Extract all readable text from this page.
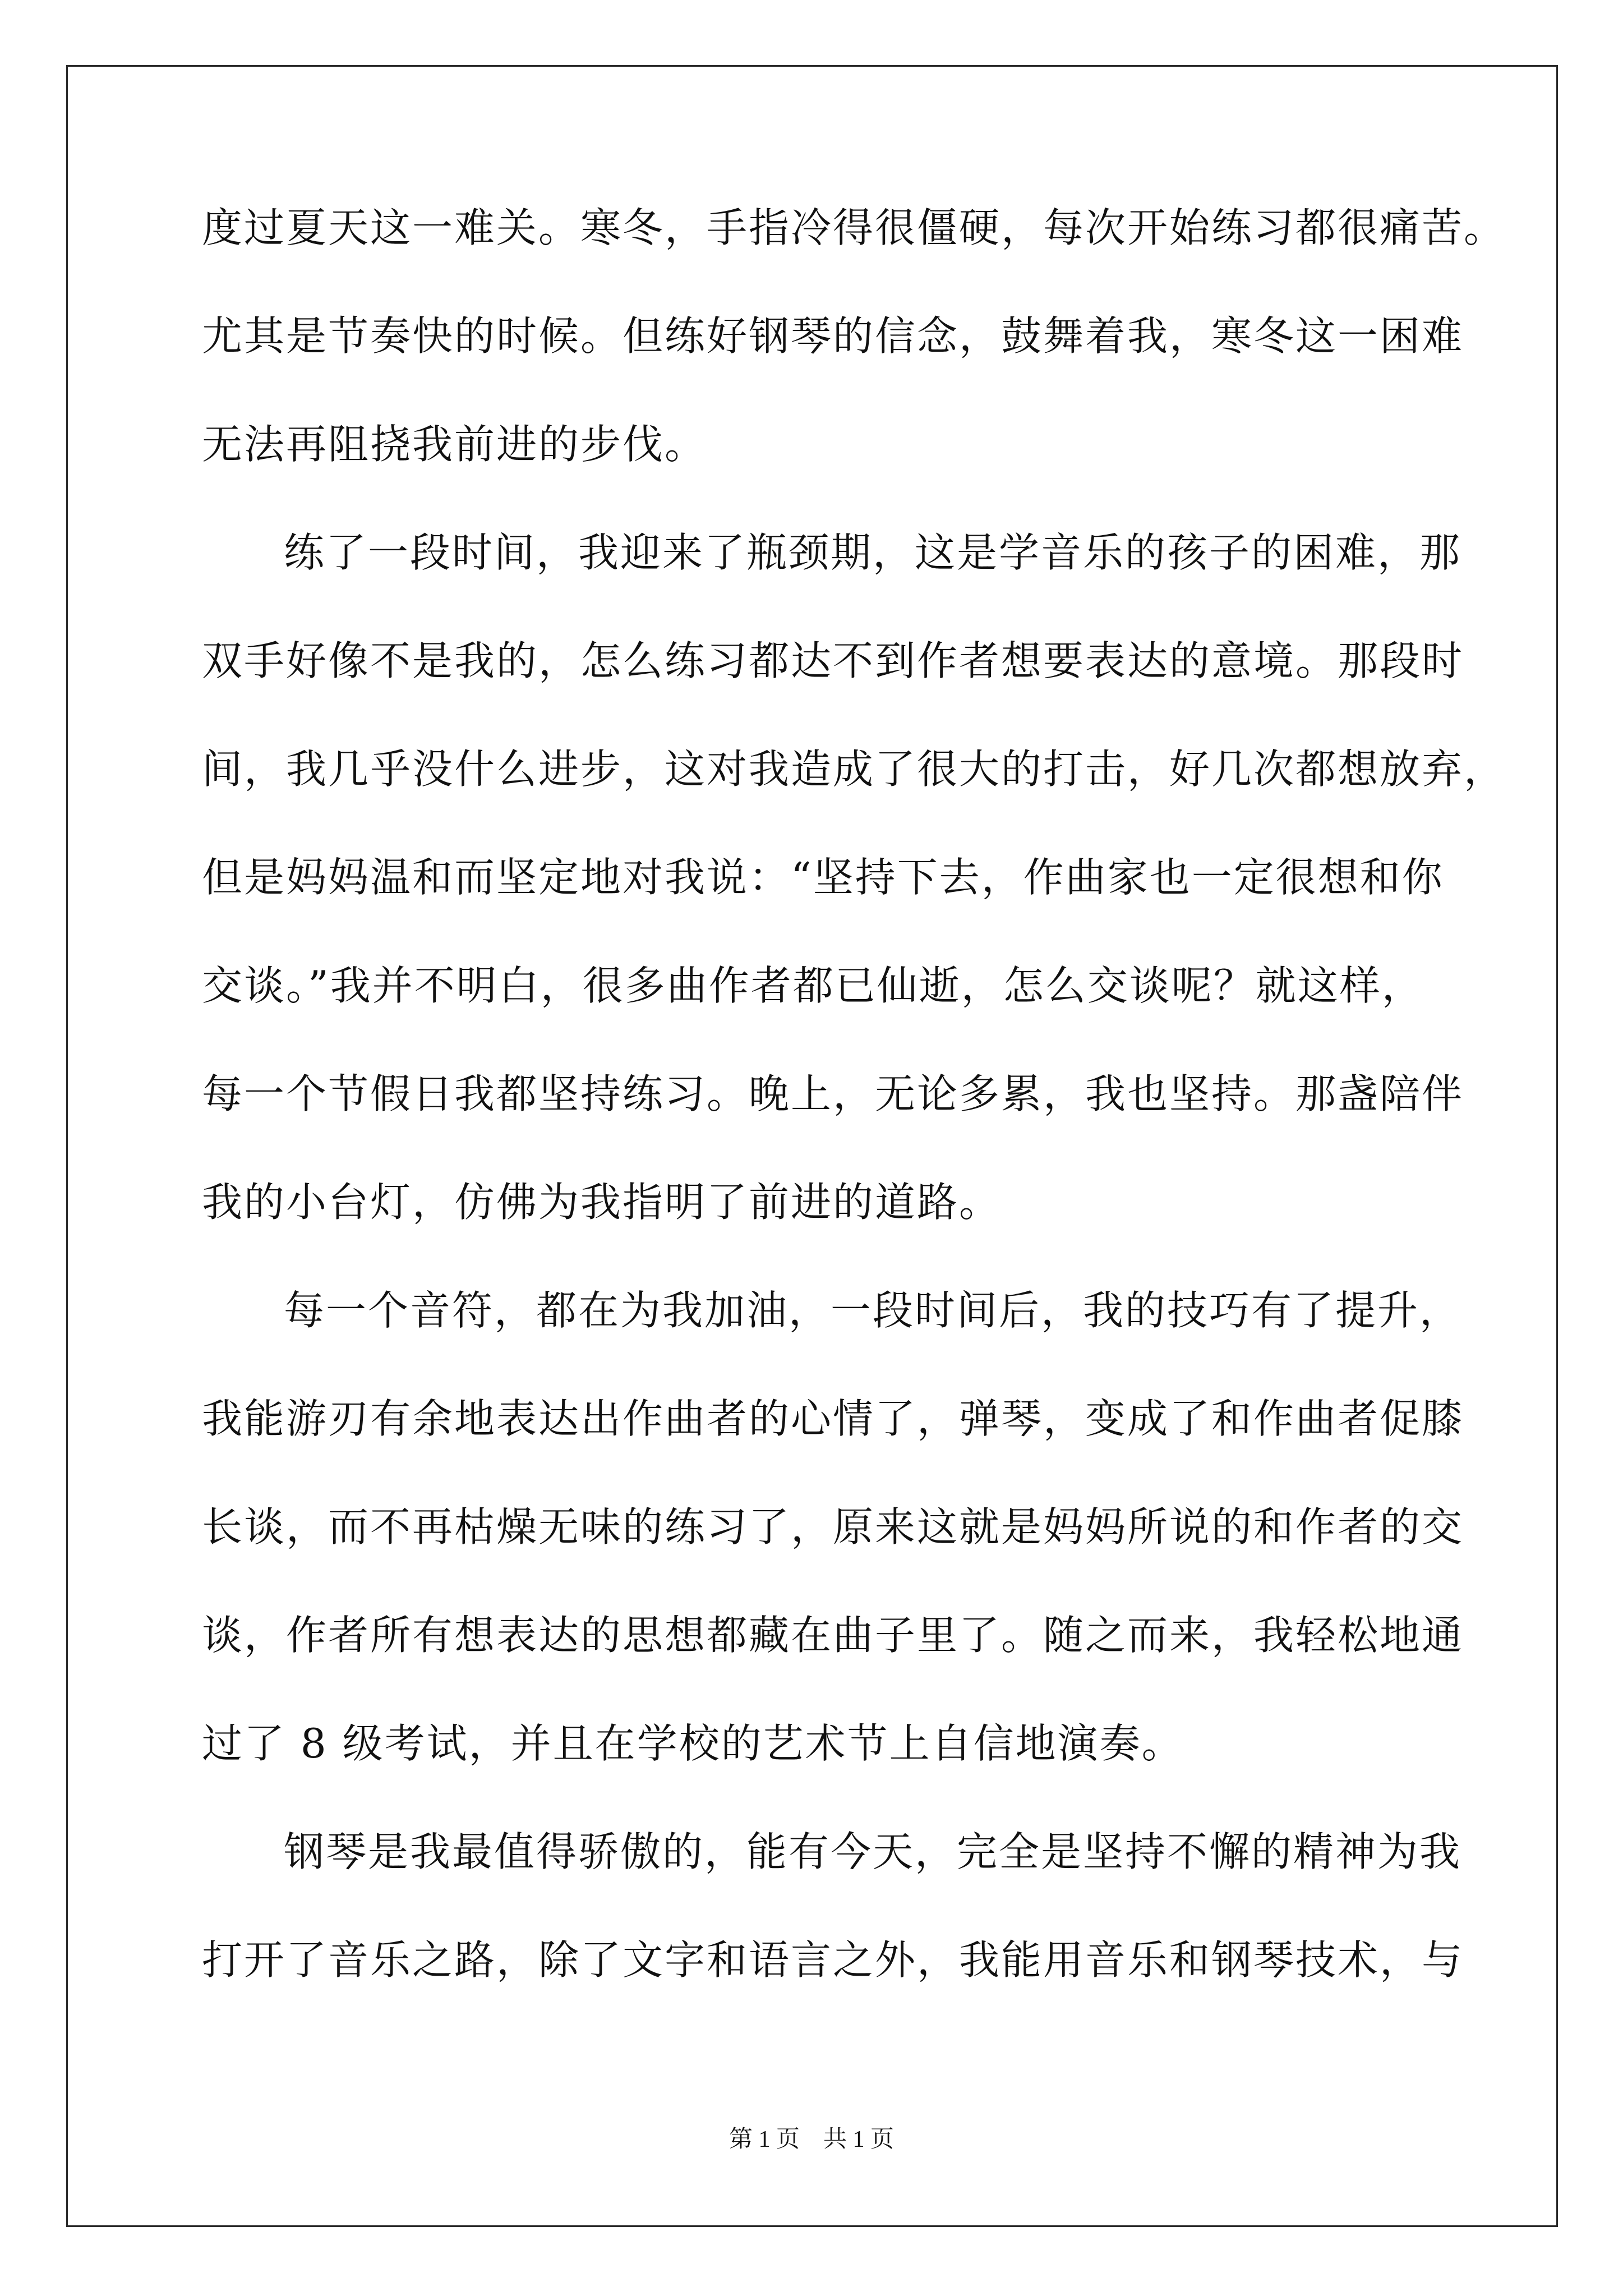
度过夏天这一难关。寒冬，手指冷得很僵硬，每次开始练习都很痛苦。
尤其是节奏快的时候。但练好钢琴的信念，鼓舞着我，寒冬这一困难
无法再阻挠我前进的步伐。
练了一段时间，我迎来了瓶颈期，这是学音乐的孩子的困难，那
双手好像不是我的，怎么练习都达不到作者想要表达的意境。那段时
间，我几乎没什么进步，这对我造成了很大的打击，好几次都想放弃，
但是妈妈温和而坚定地对我说：“坚持下去，作曲家也一定很想和你
交谈。”我并不明白，很多曲作者都已仙逝，怎么交谈呢？就这样，
每一个节假日我都坚持练习。晚上，无论多累，我也坚持。那盏陪伴
我的小台灯，仿佛为我指明了前进的道路。
每一个音符，都在为我加油，一段时间后，我的技巧有了提升，
我能游刃有余地表达出作曲者的心情了，弹琴，变成了和作曲者促膝
长谈，而不再枯燥无味的练习了，原来这就是妈妈所说的和作者的交
谈，作者所有想表达的思想都藏在曲子里了。随之而来，我轻松地通
过了 8 级考试，并且在学校的艺术节上自信地演奏。
钢琴是我最值得骄傲的，能有今天，完全是坚持不懈的精神为我
打开了音乐之路，除了文字和语言之外，我能用音乐和钢琴技术，与
第 1 页 共 1 页
